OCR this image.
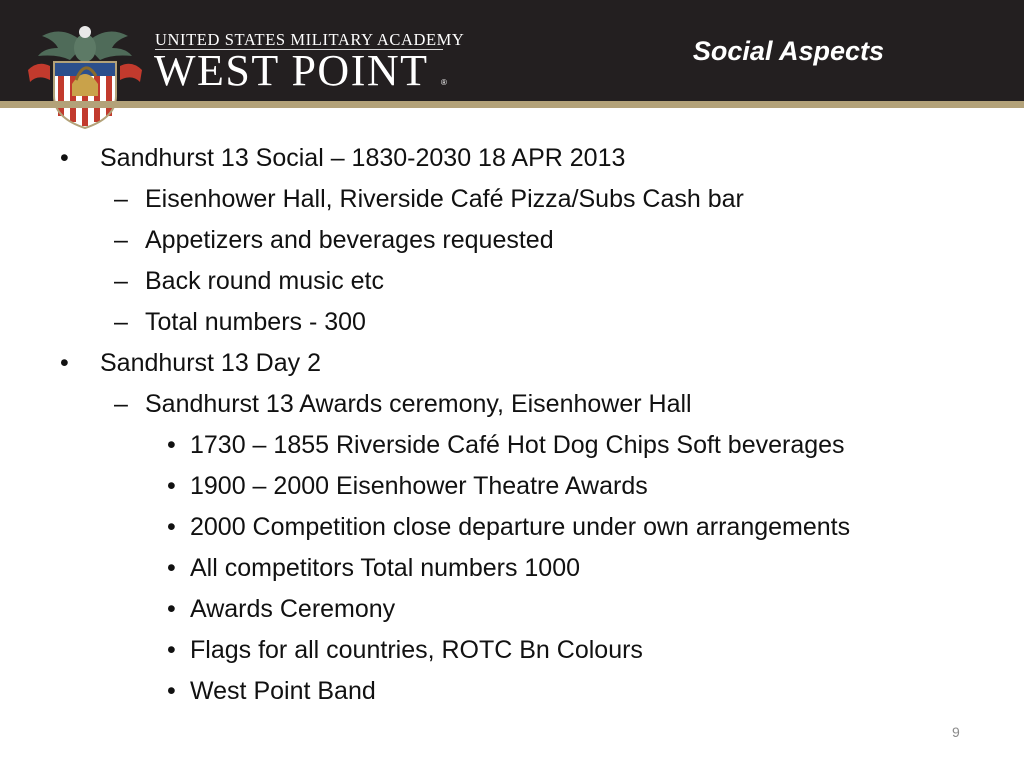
UNITED STATES MILITARY ACADEMY
WEST POINT ®
Social Aspects
• Sandhurst 13 Social – 1830-2030 18 APR 2013
– Eisenhower Hall, Riverside Café Pizza/Subs Cash bar
– Appetizers and beverages requested
– Back round music etc
– Total numbers - 300
• Sandhurst 13 Day 2
– Sandhurst 13 Awards ceremony, Eisenhower Hall
• 1730 – 1855 Riverside Café Hot Dog Chips Soft beverages
• 1900 – 2000 Eisenhower Theatre Awards
• 2000 Competition close departure under own arrangements
• All competitors Total numbers 1000
• Awards Ceremony
• Flags for all countries, ROTC Bn Colours
• West Point Band
9
